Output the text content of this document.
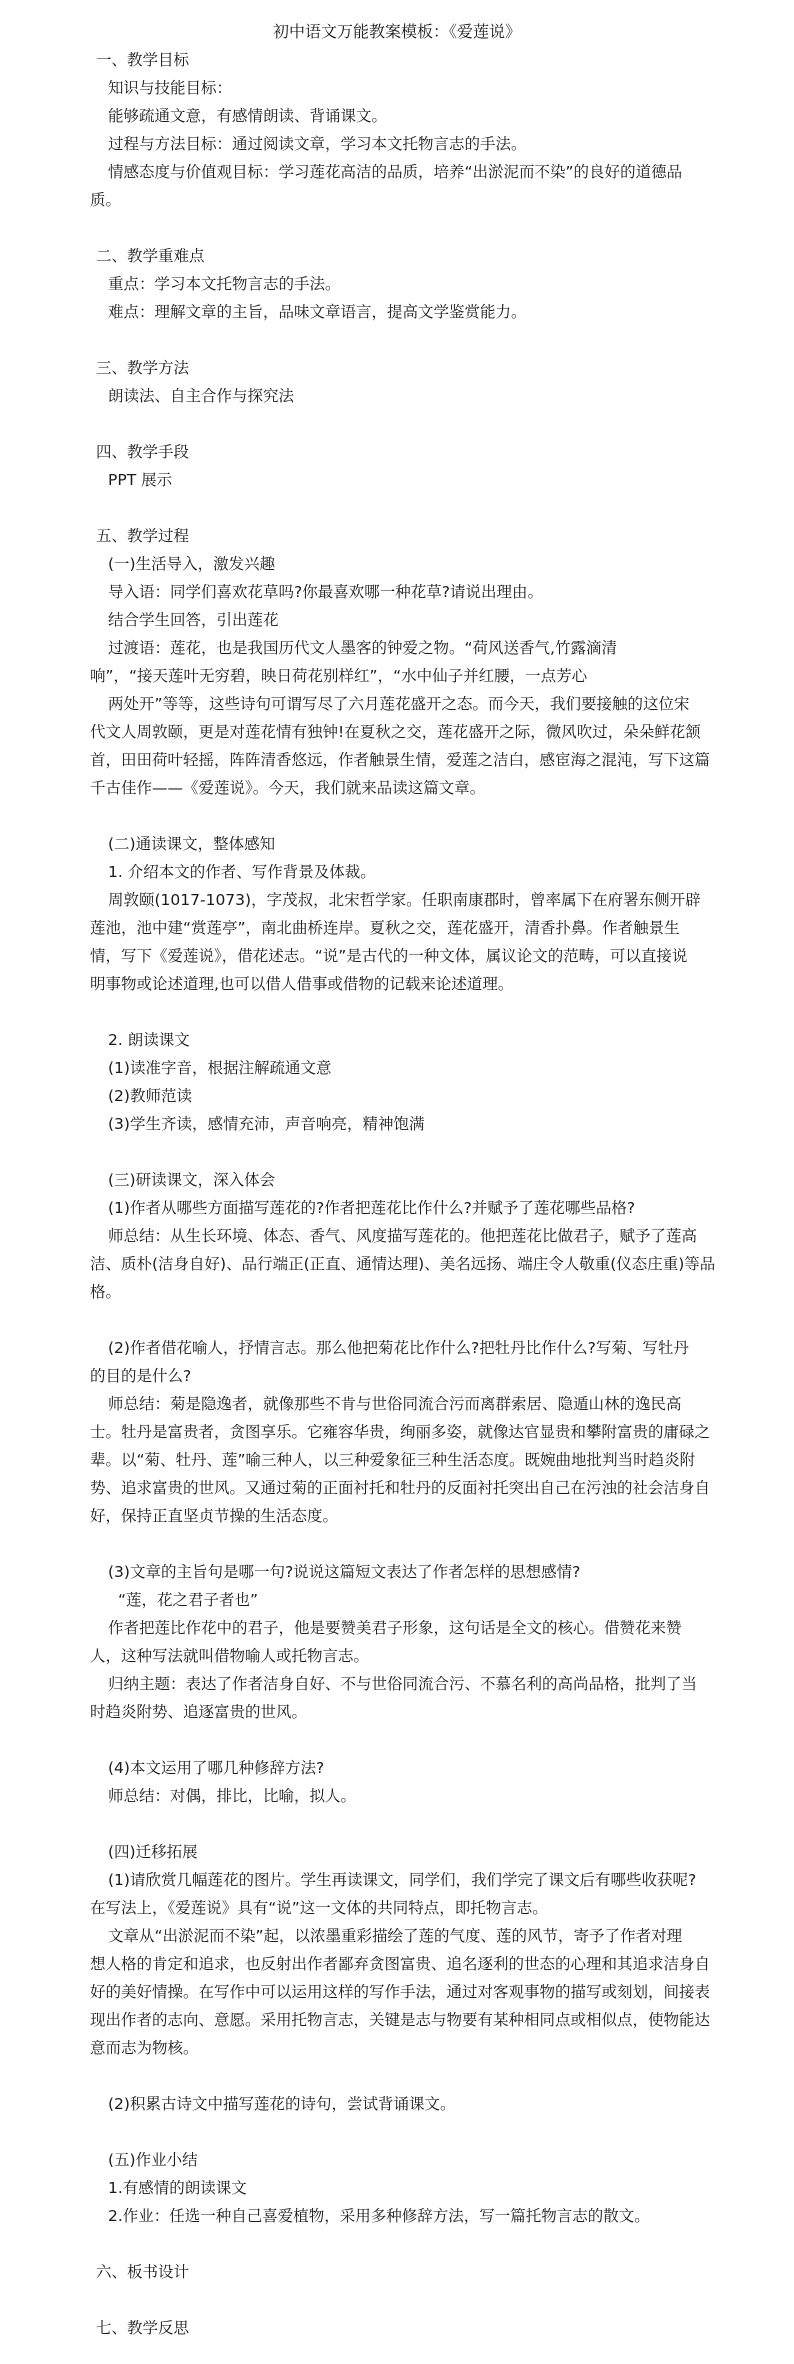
初中语文万能教案模板：《爱莲说》
一、教学目标
知识与技能目标：
能够疏通文意，有感情朗读、背诵课文。
过程与方法目标：通过阅读文章，学习本文托物言志的手法。
情感态度与价值观目标：学习莲花高洁的品质，培养“出淤泥而不染”的良好的道德品
质。
二、教学重难点
重点：学习本文托物言志的手法。
难点：理解文章的主旨，品味文章语言，提高文学鉴赏能力。
三、教学方法
朗读法、自主合作与探究法
四、教学手段
PPT 展示
五、教学过程
(一)生活导入，激发兴趣
导入语：同学们喜欢花草吗?你最喜欢哪一种花草?请说出理由。
结合学生回答，引出莲花
过渡语：莲花，也是我国历代文人墨客的钟爱之物。“荷风送香气,竹露滴清
响”，“接天莲叶无穷碧，映日荷花别样红”，“水中仙子并红腰，一点芳心
两处开”等等，这些诗句可谓写尽了六月莲花盛开之态。而今天，我们要接触的这位宋
代文人周敦颐，更是对莲花情有独钟!在夏秋之交，莲花盛开之际，微风吹过，朵朵鲜花颔
首，田田荷叶轻摇，阵阵清香悠远，作者触景生情，爱莲之洁白，感宦海之混沌，写下这篇
千古佳作——《爱莲说》。今天，我们就来品读这篇文章。
(二)通读课文，整体感知
1. 介绍本文的作者、写作背景及体裁。
周敦颐(1017-1073)，字茂叔，北宋哲学家。任职南康郡时，曾率属下在府署东侧开辟
莲池，池中建“赏莲亭”，南北曲桥连岸。夏秋之交，莲花盛开，清香扑鼻。作者触景生
情，写下《爱莲说》，借花述志。“说”是古代的一种文体，属议论文的范畴，可以直接说
明事物或论述道理,也可以借人借事或借物的记载来论述道理。
2. 朗读课文
(1)读准字音，根据注解疏通文意
(2)教师范读
(3)学生齐读，感情充沛，声音响亮，精神饱满
(三)研读课文，深入体会
(1)作者从哪些方面描写莲花的?作者把莲花比作什么?并赋予了莲花哪些品格?
师总结：从生长环境、体态、香气、风度描写莲花的。他把莲花比做君子，赋予了莲高
洁、质朴(洁身自好)、品行端正(正直、通情达理)、美名远扬、端庄令人敬重(仪态庄重)等品
格。
(2)作者借花喻人，抒情言志。那么他把菊花比作什么?把牡丹比作什么?写菊、写牡丹
的目的是什么?
师总结：菊是隐逸者，就像那些不肯与世俗同流合污而离群索居、隐遁山林的逸民高
士。牡丹是富贵者，贪图享乐。它雍容华贵，绚丽多姿，就像达官显贵和攀附富贵的庸碌之
辈。以“菊、牡丹、莲”喻三种人，以三种爱象征三种生活态度。既婉曲地批判当时趋炎附
势、追求富贵的世风。又通过菊的正面衬托和牡丹的反面衬托突出自己在污浊的社会洁身自
好，保持正直坚贞节操的生活态度。
(3)文章的主旨句是哪一句?说说这篇短文表达了作者怎样的思想感情?
“莲，花之君子者也”
作者把莲比作花中的君子，他是要赞美君子形象，这句话是全文的核心。借赞花来赞
人，这种写法就叫借物喻人或托物言志。
归纳主题：表达了作者洁身自好、不与世俗同流合污、不慕名利的高尚品格，批判了当
时趋炎附势、追逐富贵的世风。
(4)本文运用了哪几种修辞方法?
师总结：对偶，排比，比喻，拟人。
(四)迁移拓展
(1)请欣赏几幅莲花的图片。学生再读课文，同学们，我们学完了课文后有哪些收获呢?
在写法上，《爱莲说》具有“说”这一文体的共同特点，即托物言志。
文章从“出淤泥而不染”起，以浓墨重彩描绘了莲的气度、莲的风节，寄予了作者对理
想人格的肯定和追求，也反射出作者鄙弃贪图富贵、追名逐利的世态的心理和其追求洁身自
好的美好情操。在写作中可以运用这样的写作手法，通过对客观事物的描写或刻划，间接表
现出作者的志向、意愿。采用托物言志，关键是志与物要有某种相同点或相似点，使物能达
意而志为物核。
(2)积累古诗文中描写莲花的诗句，尝试背诵课文。
(五)作业小结
1.有感情的朗读课文
2.作业：任选一种自己喜爱植物，采用多种修辞方法，写一篇托物言志的散文。
六、板书设计
七、教学反思
